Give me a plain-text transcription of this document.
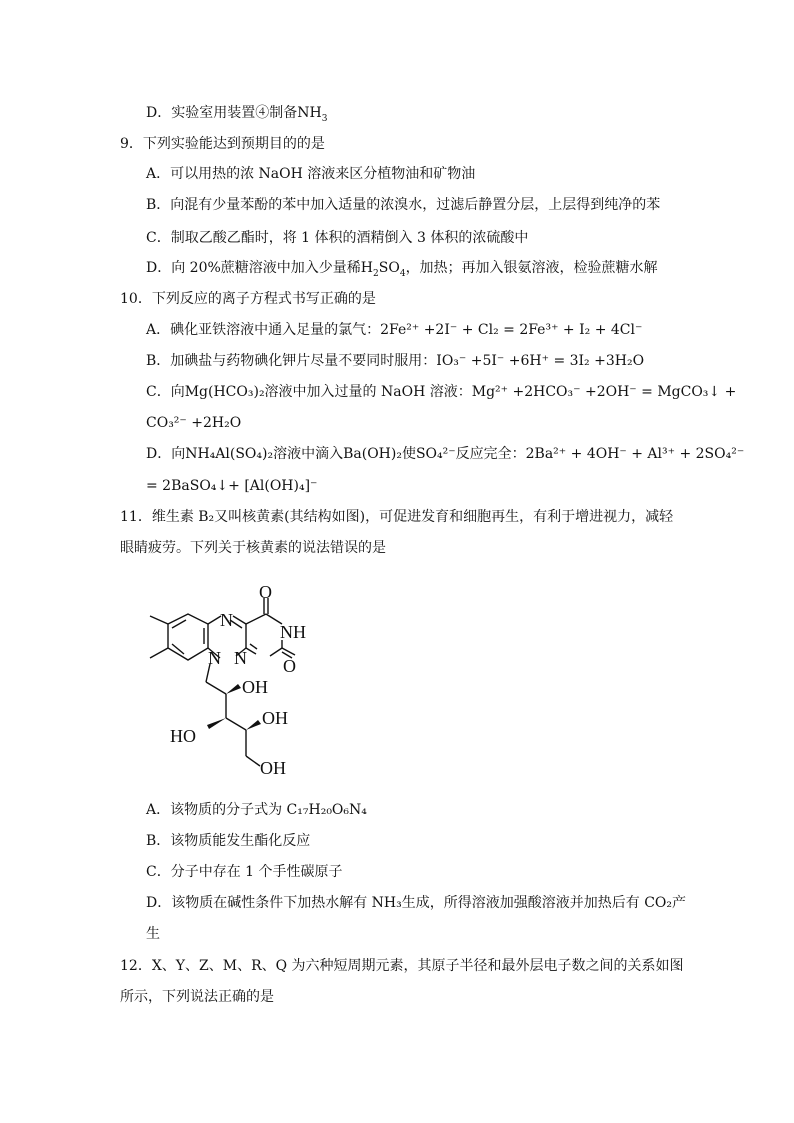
D．实验室用装置④制备$NH_3$
9．下列实验能达到预期目的的是
A．可以用热的浓 NaOH 溶液来区分植物油和矿物油
B．向混有少量苯酚的苯中加入适量的浓溴水，过滤后静置分层，上层得到纯净的苯
C．制取乙酸乙酯时，将 1 体积的酒精倒入 3 体积的浓硫酸中
D．向 20%蔗糖溶液中加入少量稀$H_2SO_4$，加热；再加入银氨溶液，检验蔗糖水解
10．下列反应的离子方程式书写正确的是
A．碘化亚铁溶液中通入足量的氯气：2Fe²⁺ +2I⁻ + Cl₂ = 2Fe³⁺ + I₂ + 4Cl⁻
B．加碘盐与药物碘化钾片尽量不要同时服用：IO₃⁻ +5I⁻ +6H⁺ = 3I₂ +3H₂O
C．向Mg(HCO₃)₂溶液中加入过量的 NaOH 溶液：Mg²⁺ +2HCO₃⁻ +2OH⁻ = MgCO₃↓ +
CO₃²⁻ +2H₂O
D．向NH₄Al(SO₄)₂溶液中滴入Ba(OH)₂使SO₄²⁻反应完全：2Ba²⁺ + 4OH⁻ + Al³⁺ + 2SO₄²⁻
= 2BaSO₄↓+ [Al(OH)₄]⁻
11．维生素 B₂又叫核黄素(其结构如图)，可促进发育和细胞再生，有利于增进视力，减轻
眼睛疲劳。下列关于核黄素的说法错误的是
O
N
NH
N N O
OH
OH
HO
OH
A．该物质的分子式为 C₁₇H₂₀O₆N₄
B．该物质能发生酯化反应
C．分子中存在 1 个手性碳原子
D．该物质在碱性条件下加热水解有 NH₃生成，所得溶液加强酸溶液并加热后有 CO₂产
生
12．X、Y、Z、M、R、Q 为六种短周期元素，其原子半径和最外层电子数之间的关系如图
所示，下列说法正确的是
